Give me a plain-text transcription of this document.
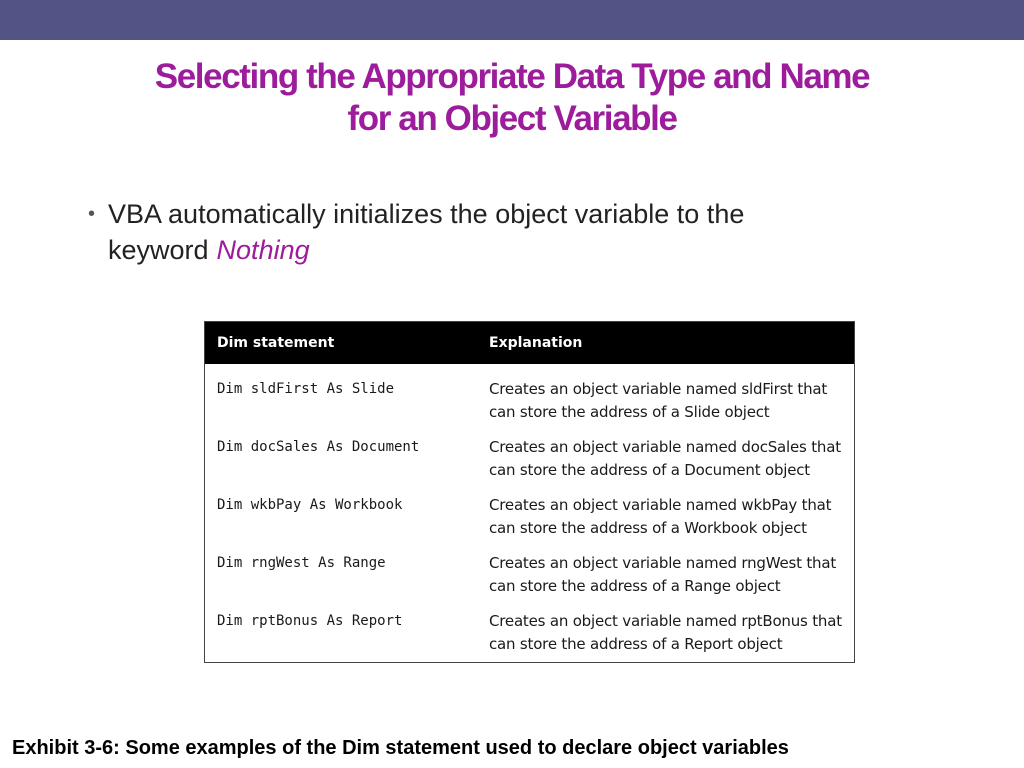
Selecting the Appropriate Data Type and Name
for an Object Variable
• VBA automatically initializes the object variable to the
keyword Nothing
Dim statement	Explanation
Dim sldFirst As Slide	Creates an object variable named sldFirst that
can store the address of a Slide object

Dim docSales As Document	Creates an object variable named docSales that
can store the address of a Document object

Dim wkbPay As Workbook	Creates an object variable named wkbPay that
can store the address of a Workbook object

Dim rngWest As Range	Creates an object variable named rngWest that
can store the address of a Range object

Dim rptBonus As Report	Creates an object variable named rptBonus that
can store the address of a Report object
Exhibit 3-6: Some examples of the Dim statement used to declare object variables
